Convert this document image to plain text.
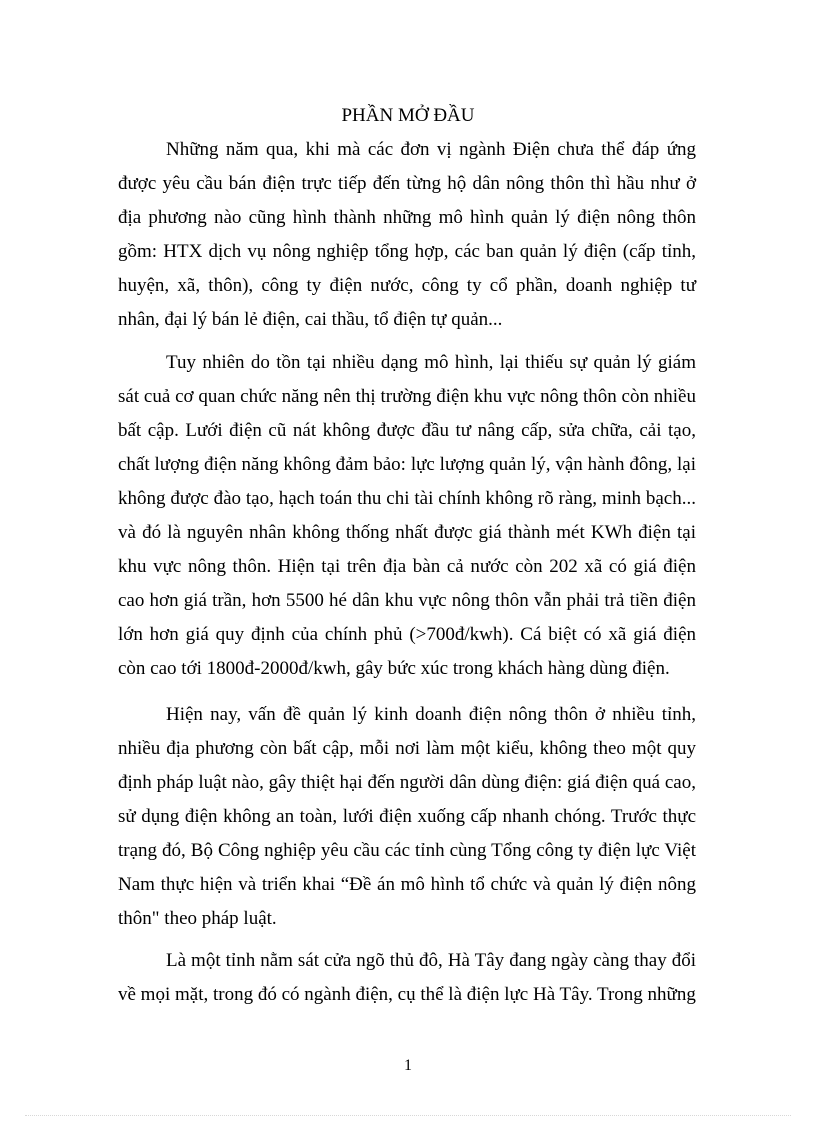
PHẦN MỞ ĐẦU

Những năm qua, khi mà các đơn vị ngành Điện chưa thể đáp ứng được yêu cầu bán điện trực tiếp đến từng hộ dân nông thôn thì hầu như ở địa phương nào cũng hình thành những mô hình quản lý điện nông thôn gồm: HTX dịch vụ nông nghiệp tổng hợp, các ban quản lý điện (cấp tỉnh, huyện, xã, thôn), công ty điện nước, công ty cổ phần, doanh nghiệp tư nhân, đại lý bán lẻ điện, cai thầu, tổ điện tự quản...

Tuy nhiên do tồn tại nhiều dạng mô hình, lại thiếu sự quản lý giám sát cuả cơ quan chức năng nên thị trường điện khu vực nông thôn còn nhiều bất cập. Lưới điện cũ nát không được đầu tư nâng cấp, sửa chữa, cải tạo, chất lượng điện năng không đảm bảo: lực lượng quản lý, vận hành đông, lại không được đào tạo, hạch toán thu chi tài chính không rõ ràng, minh bạch... và đó là nguyên nhân không thống nhất được giá thành mét KWh điện tại khu vực nông thôn. Hiện tại trên địa bàn cả nước còn 202 xã có giá điện cao hơn giá trần, hơn 5500 hé dân khu vực nông thôn vẫn phải trả tiền điện lớn hơn giá quy định của chính phủ (>700đ/kwh). Cá biệt có xã giá điện còn cao tới 1800đ-2000đ/kwh, gây bức xúc trong khách hàng dùng điện.

Hiện nay, vấn đề quản lý kinh doanh điện nông thôn ở nhiều tỉnh, nhiều địa phương còn bất cập, mỗi nơi làm một kiểu, không theo một quy định pháp luật nào, gây thiệt hại đến người dân dùng điện: giá điện quá cao, sử dụng điện không an toàn, lưới điện xuống cấp nhanh chóng. Trước thực trạng đó, Bộ Công nghiệp yêu cầu các tỉnh cùng Tổng công ty điện lực Việt Nam thực hiện và triển khai “Đề án mô hình tổ chức và quản lý điện nông thôn" theo pháp luật.

Là một tỉnh nằm sát cửa ngõ thủ đô, Hà Tây đang ngày càng thay đổi về mọi mặt, trong đó có ngành điện, cụ thể là điện lực Hà Tây. Trong những

1
